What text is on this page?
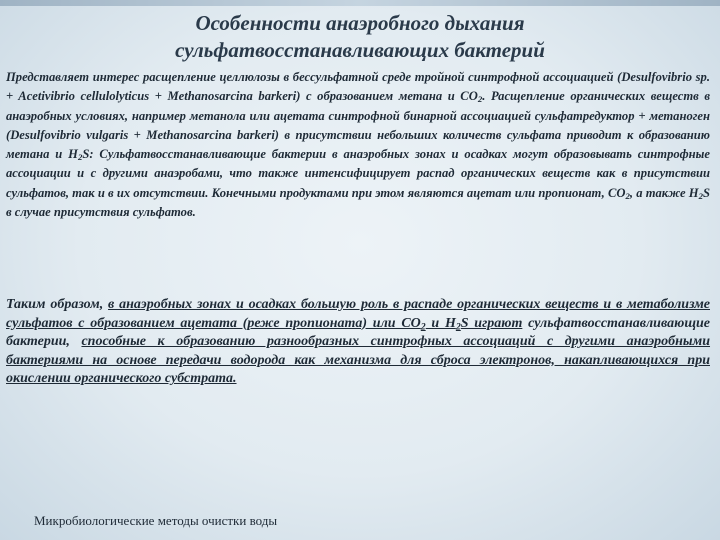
Особенности анаэробного дыхания
сульфатвосстанавливающих бактерий
Представляет интерес расщепление целлюлозы в бессульфатной среде тройной синтрофной ассоциацией (Desulfovibrio sp. + Acetivibrio cellulolyticus + Methanosarcina barkeri) с образованием метана и $CO_2$. Расщепление органических веществ в анаэробных условиях, например метанола или ацетата синтрофной бинарной ассоциацией сульфатредуктор + метаноген (Desulfovibrio vulgaris + Methanosarcina barkeri) в присутствии небольших количеств сульфата приводит к образованию метана и $H_2S$: Сульфатвосстанавливающие бактерии в анаэробных зонах и осадках могут образовывать синтрофные ассоциации и с другими анаэробами, что также интенсифицирует распад органических веществ как в присутствии сульфатов, так и в их отсутствии. Конечными продуктами при этом являются ацетат или пропионат, $CO_2$, а также $H_2S$ в случае присутствия сульфатов.
Таким образом, в анаэробных зонах и осадках большую роль в распаде органических веществ и в метаболизме сульфатов с образованием ацетата (реже пропионата) или $CO_2$ и $H_2S$ играют сульфатвосстанавливающие бактерии, способные к образованию разнообразных синтрофных ассоциаций с другими анаэробными бактериями на основе передачи водорода как механизма для сброса электронов, накапливающихся при окислении органического субстрата.
Микробиологические методы очистки воды
